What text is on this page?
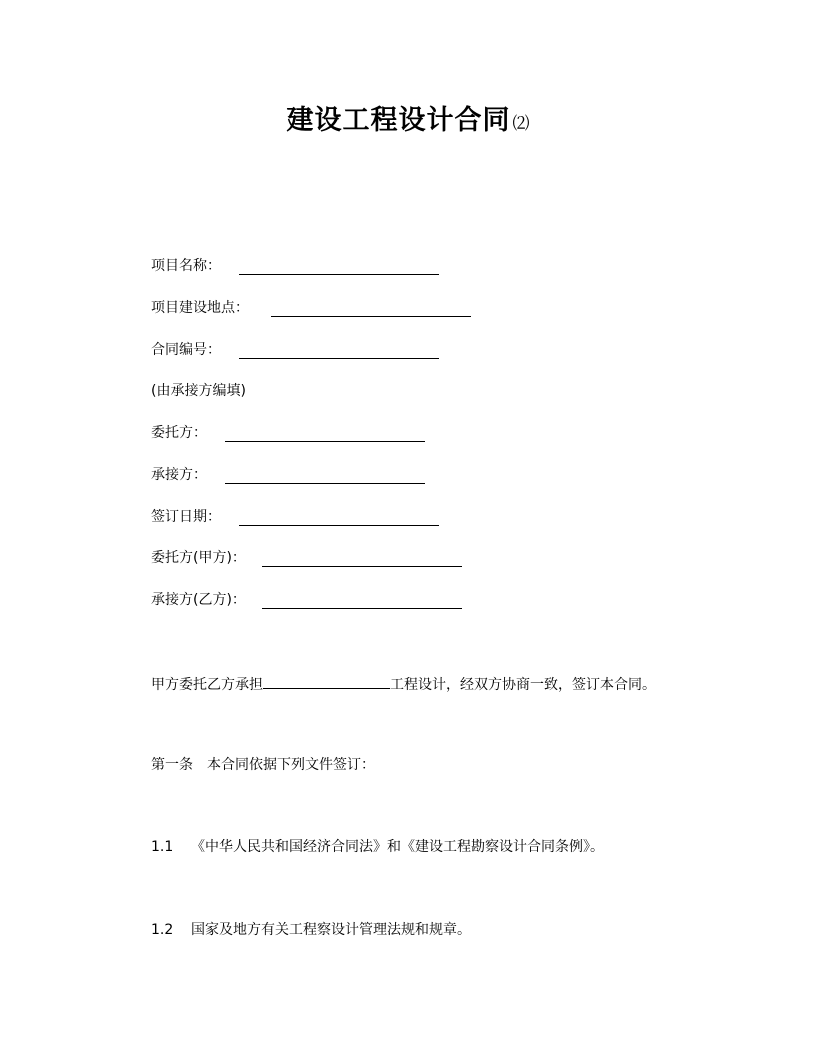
建设工程设计合同 ⑵
项目名称：
项目建设地点：
合同编号：
(由承接方编填)
委托方：
承接方：
签订日期：
委托方(甲方)：
承接方(乙方)：
甲方委托乙方承担	工程设计，经双方协商一致，签订本合同。
第一条　本合同依据下列文件签订：
1.1 《中华人民共和国经济合同法》和《建设工程勘察设计合同条例》。
1.2 国家及地方有关工程察设计管理法规和规章。
